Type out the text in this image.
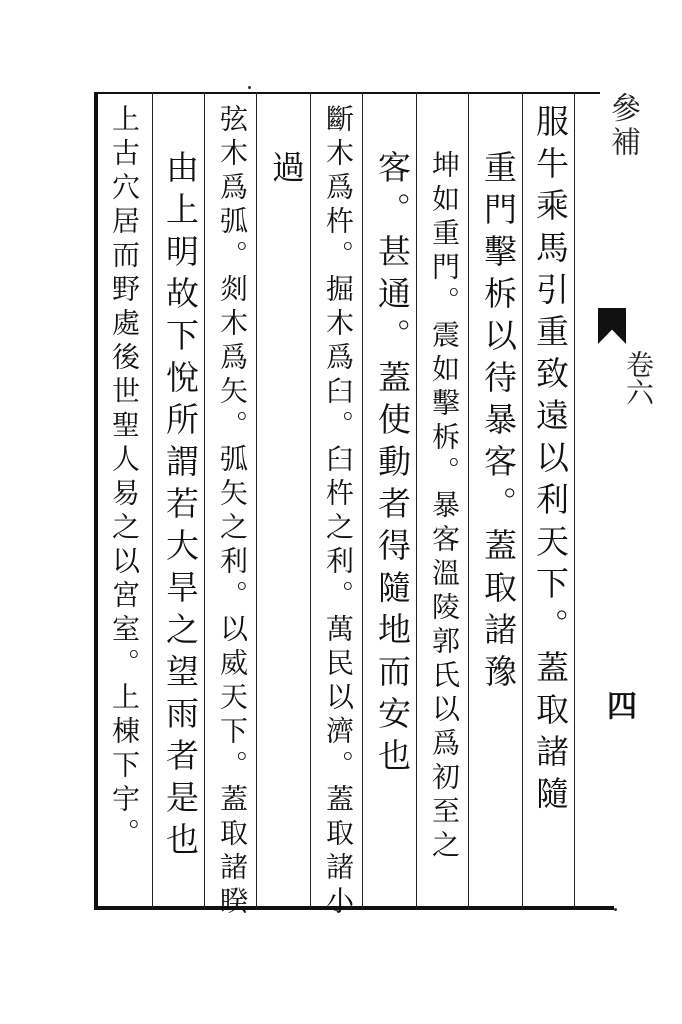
參補
卷六
四
服牛乘馬引重致遠以利天下。蓋取諸隨
重門擊柝以待暴客。蓋取諸豫
坤如重門。震如擊柝。暴客溫陵郭氏以爲初至之
客。甚通。蓋使動者得隨地而安也
斷木爲杵。掘木爲臼。臼杵之利。萬民以濟。蓋取諸小
過
弦木爲弧。剡木爲矢。弧矢之利。以威天下。蓋取諸睽
由上明故下悅所謂若大旱之望雨者是也
上古穴居而野處後世聖人易之以宮室。上棟下宇。
